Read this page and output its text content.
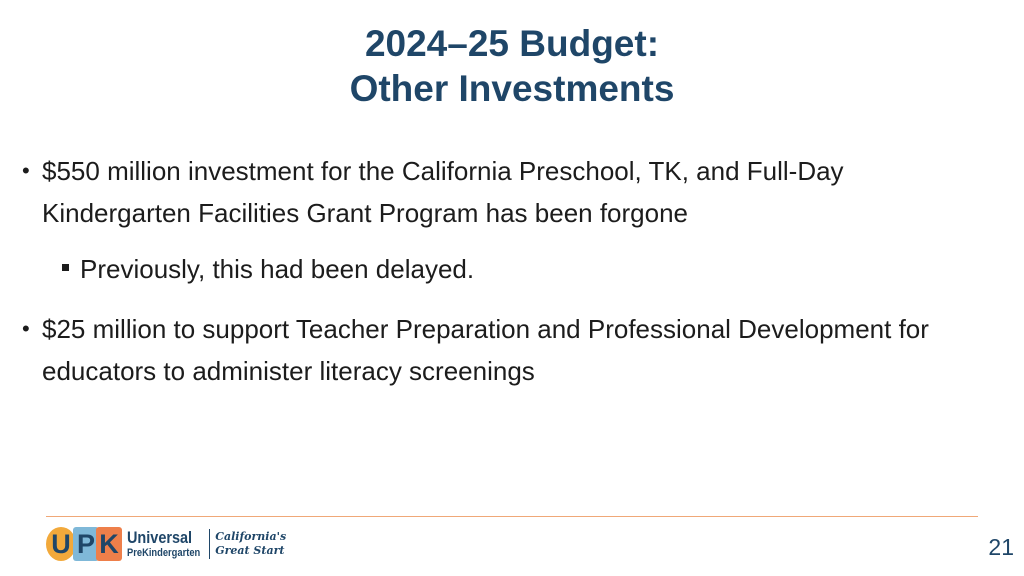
2024–25 Budget:
Other Investments
• $550 million investment for the California Preschool, TK, and Full-Day Kindergarten Facilities Grant Program has been forgone
Previously, this had been delayed.
• $25 million to support Teacher Preparation and Professional Development for educators to administer literacy screenings
U P K Universal
PreKindergarten
California's
Great Start	21
